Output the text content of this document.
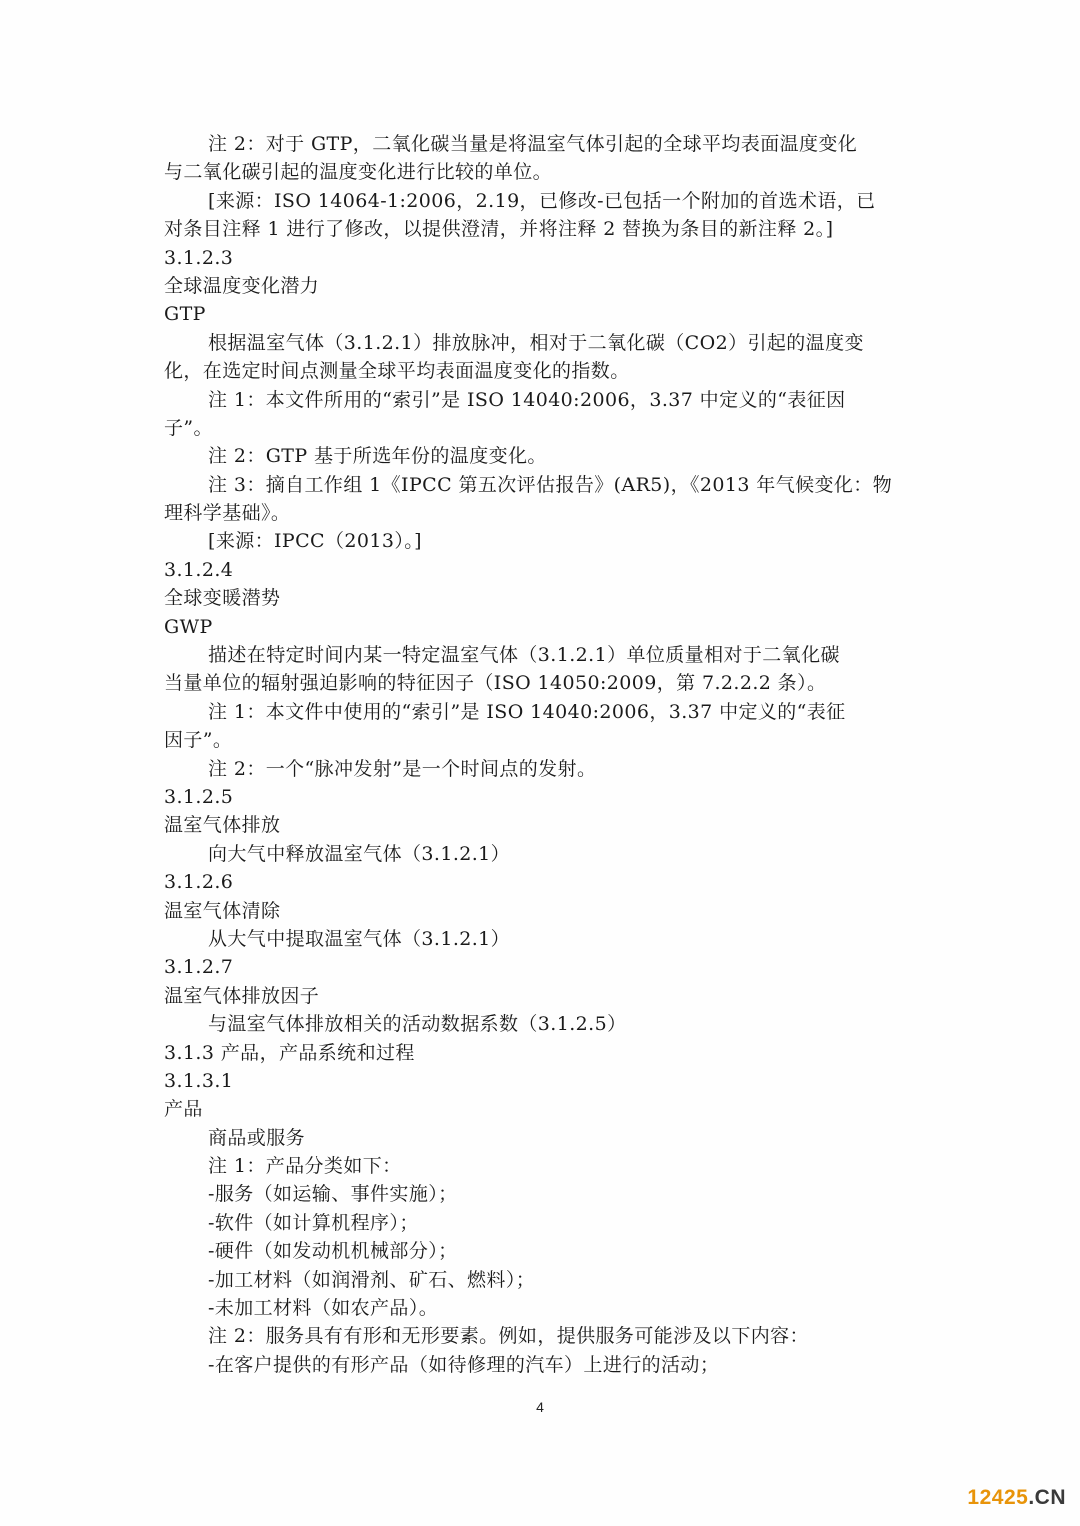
注 2：对于 GTP，二氧化碳当量是将温室气体引起的全球平均表面温度变化
与二氧化碳引起的温度变化进行比较的单位。
[来源：ISO 14064-1:2006，2.19，已修改-已包括一个附加的首选术语，已
对条目注释 1 进行了修改，以提供澄清，并将注释 2 替换为条目的新注释 2。]
3.1.2.3
全球温度变化潜力
GTP
根据温室气体（3.1.2.1）排放脉冲，相对于二氧化碳（CO2）引起的温度变
化，在选定时间点测量全球平均表面温度变化的指数。
注 1：本文件所用的“索引”是 ISO 14040:2006，3.37 中定义的“表征因
子”。
注 2：GTP 基于所选年份的温度变化。
注 3：摘自工作组 1《IPCC 第五次评估报告》(AR5)，《2013 年气候变化：物
理科学基础》。
[来源：IPCC（2013）。]
3.1.2.4
全球变暖潜势
GWP
描述在特定时间内某一特定温室气体（3.1.2.1）单位质量相对于二氧化碳
当量单位的辐射强迫影响的特征因子（ISO 14050:2009，第 7.2.2.2 条）。
注 1：本文件中使用的“索引”是 ISO 14040:2006，3.37 中定义的“表征
因子”。
注 2：一个“脉冲发射”是一个时间点的发射。
3.1.2.5
温室气体排放
向大气中释放温室气体（3.1.2.1）
3.1.2.6
温室气体清除
从大气中提取温室气体（3.1.2.1）
3.1.2.7
温室气体排放因子
与温室气体排放相关的活动数据系数（3.1.2.5）
3.1.3 产品，产品系统和过程
3.1.3.1
产品
商品或服务
注 1：产品分类如下：
-服务（如运输、事件实施）；
-软件（如计算机程序）；
-硬件（如发动机机械部分）；
-加工材料（如润滑剂、矿石、燃料）；
-未加工材料（如农产品）。
注 2：服务具有有形和无形要素。例如，提供服务可能涉及以下内容：
-在客户提供的有形产品（如待修理的汽车）上进行的活动；
4
12425.CN
